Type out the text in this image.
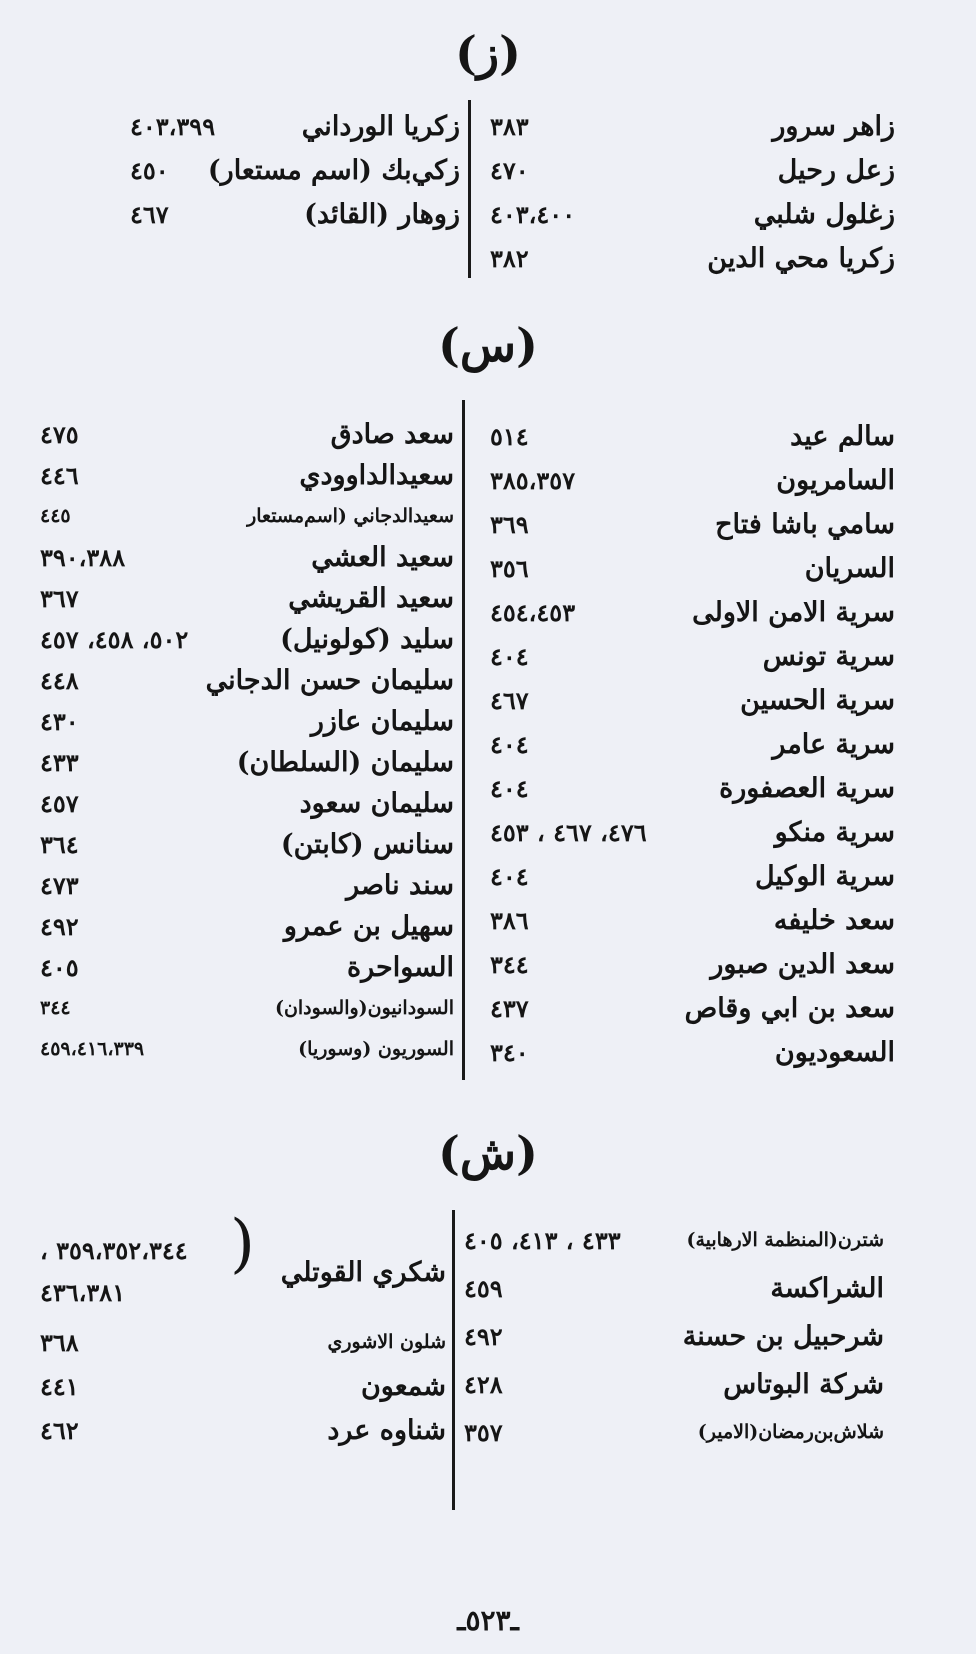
(ز)
زاهر سرور
٣٨٣
زعل رحيل
٤٧٠
زغلول شلبي
٤٠٣،٤٠٠
زكريا محي الدين
٣٨٢
زكريا الورداني
٤٠٣،٣٩٩
زكي‌بك (اسم مستعار)
٤٥٠
زوهار (القائد)
٤٦٧
(س)
سالم عيد
٥١٤
السامريون
٣٨٥،٣٥٧
سامي باشا فتاح
٣٦٩
السريان
٣٥٦
سرية الامن الاولى
٤٥٤،٤٥٣
سرية تونس
٤٠٤
سرية الحسين
٤٦٧
سرية عامر
٤٠٤
سرية العصفورة
٤٠٤
سرية منكو
٤٧٦، ٤٦٧ ، ٤٥٣
سرية الوكيل
٤٠٤
سعد خليفه
٣٨٦
سعد الدين صبور
٣٤٤
سعد بن ابي وقاص
٤٣٧
السعوديون
٣٤٠
سعد صادق
٤٧٥
سعيدالداوودي
٤٤٦
سعيدالدجاني (اسم‌مستعار
٤٤٥
سعيد العشي
٣٩٠،٣٨٨
سعيد القريشي
٣٦٧
سليد (كولونيل)
٥٠٢، ٤٥٨، ٤٥٧
سليمان حسن الدجاني
٤٤٨
سليمان عازر
٤٣٠
سليمان (السلطان)
٤٣٣
سليمان سعود
٤٥٧
سنانس (كابتن)
٣٦٤
سند ناصر
٤٧٣
سهيل بن عمرو
٤٩٢
السواحرة
٤٠٥
السودانيون(والسودان)
٣٤٤
السوريون (وسوريا)
٤٥٩،٤١٦،٣٣٩
(ش)
شترن(المنظمة الارهابية)
٤٣٣ ، ٤١٣، ٤٠٥
الشراكسة
٤٥٩
شرحبيل بن حسنة
٤٩٢
شركة البوتاس
٤٢٨
شلاش‌بن‌رمضان(الامير)
٣٥٧
شكري القوتلي
٣٥٩،٣٥٢،٣٤٤ ،
٤٣٦،٣٨١
)
شلون الاشوري
٣٦٨
شمعون
٤٤١
شناوه عرد
٤٦٢
ـ٥٢٣ـ
